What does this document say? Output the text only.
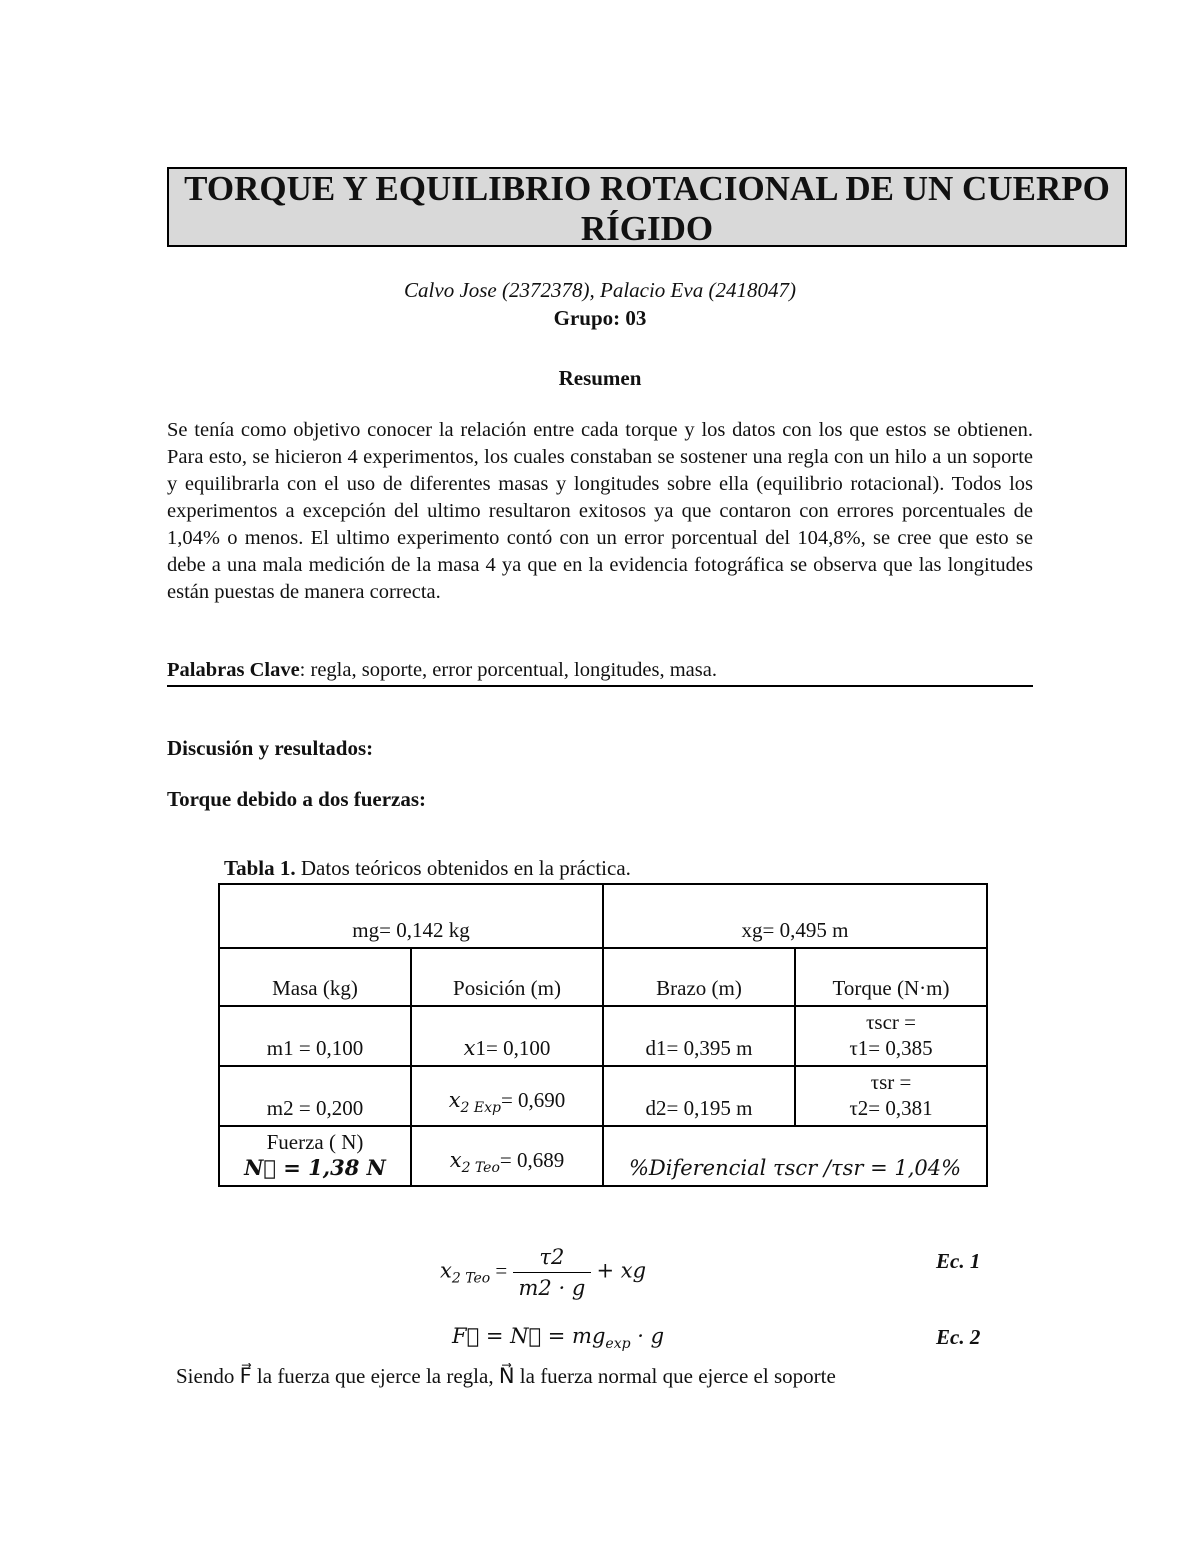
TORQUE Y EQUILIBRIO ROTACIONAL DE UN CUERPO
RÍGIDO
Calvo Jose (2372378), Palacio Eva (2418047)
Grupo: 03
Resumen

Se tenía como objetivo conocer la relación entre cada torque y los datos con los que estos se obtienen. Para esto, se hicieron 4 experimentos, los cuales constaban se sostener una regla con un hilo a un soporte y equilibrarla con el uso de diferentes masas y longitudes sobre ella (equilibrio rotacional). Todos los experimentos a excepción del ultimo resultaron exitosos ya que contaron con errores porcentuales de 1,04% o menos. El ultimo experimento contó con un error porcentual del 104,8%, se cree que esto se debe a una mala medición de la masa 4 ya que en la evidencia fotográfica se observa que las longitudes están puestas de manera correcta.

Palabras Clave: regla, soporte, error porcentual, longitudes, masa.
Discusión y resultados:
Torque debido a dos fuerzas:
Tabla 1. Datos teóricos obtenidos en la práctica.
mg= 0,142 kg		xg= 0,495 m	
Masa (kg)	Posición (m)	Brazo (m)	Torque (N·m)
m1 = 0,100	x1= 0,100	d1= 0,395 m	τscr =
τ1= 0,385

m2 = 0,200	$x_{2 Exp}= 0,690$	d2= 0,195 m	τsr =
τ2= 0,381

Fuerza ( N)
N⃗ = 1,38 N	$x_{2 Teo}= 0,689$	%Diferencial τscr /τsr = 1,04%	
$x_{2 Teo} = \frac{\tau 2}{m2 \cdot g}$ + xg	Ec. 1
F⃗ = N⃗ = $mg_{exp} \cdot g$	Ec. 2
Siendo F⃗ la fuerza que ejerce la regla, N⃗ la fuerza normal que ejerce el soporte
